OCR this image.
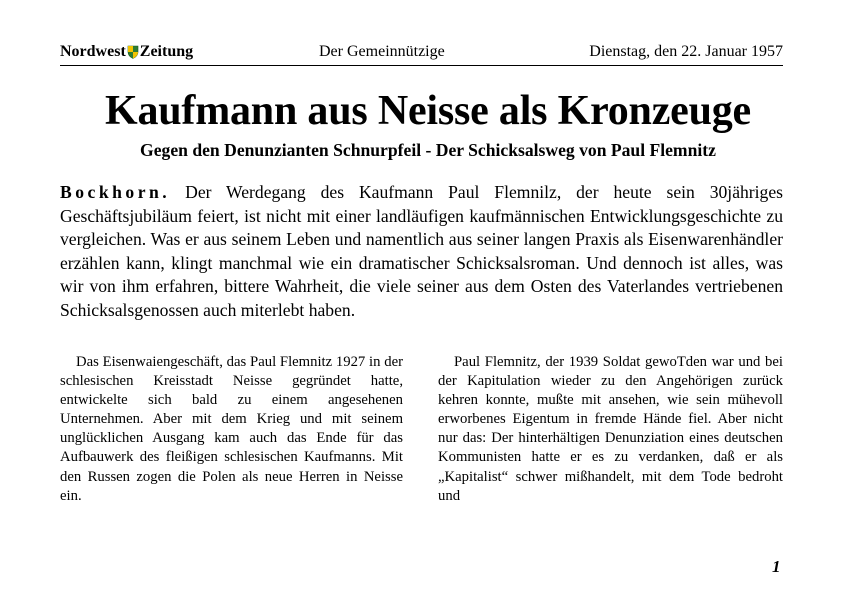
Nordwest Zeitung	Der Gemeinnützige	Dienstag, den 22. Januar 1957
Kaufmann aus Neisse als Kronzeuge
Gegen den Denunzianten Schnurpfeil - Der Schicksalsweg von Paul Flemnitz
Bockhorn. Der Werdegang des Kaufmann Paul Flemnilz, der heute sein 30jähriges Geschäftsjubiläum feiert, ist nicht mit einer landläufigen kaufmännischen Entwicklungsgeschichte zu vergleichen. Was er aus seinem Leben und namentlich aus seiner langen Praxis als Eisenwarenhändler erzählen kann, klingt manchmal wie ein dramatischer Schicksalsroman. Und dennoch ist alles, was wir von ihm erfahren, bittere Wahrheit, die viele seiner aus dem Osten des Vaterlandes vertriebenen Schicksalsgenossen auch miterlebt haben.
Das Eisenwaiengeschäft, das Paul Flemnitz 1927 in der schlesischen Kreisstadt Neisse gegründet hatte, entwickelte sich bald zu einem angesehenen Unternehmen. Aber mit dem Krieg und mit seinem unglücklichen Ausgang kam auch das Ende für das Aufbauwerk des fleißigen schlesischen Kaufmanns. Mit den Russen zogen die Polen als neue Herren in Neisse ein.
Paul Flemnitz, der 1939 Soldat gewoTden war und bei der Kapitulation wieder zu den Angehörigen zurück kehren konnte, mußte mit ansehen, wie sein mühevoll erworbenes Eigentum in fremde Hände fiel. Aber nicht nur das: Der hinterhältigen Denunziation eines deutschen Kommunisten hatte er es zu verdanken, daß er als „Kapitalist“ schwer mißhandelt, mit dem Tode bedroht und
1
